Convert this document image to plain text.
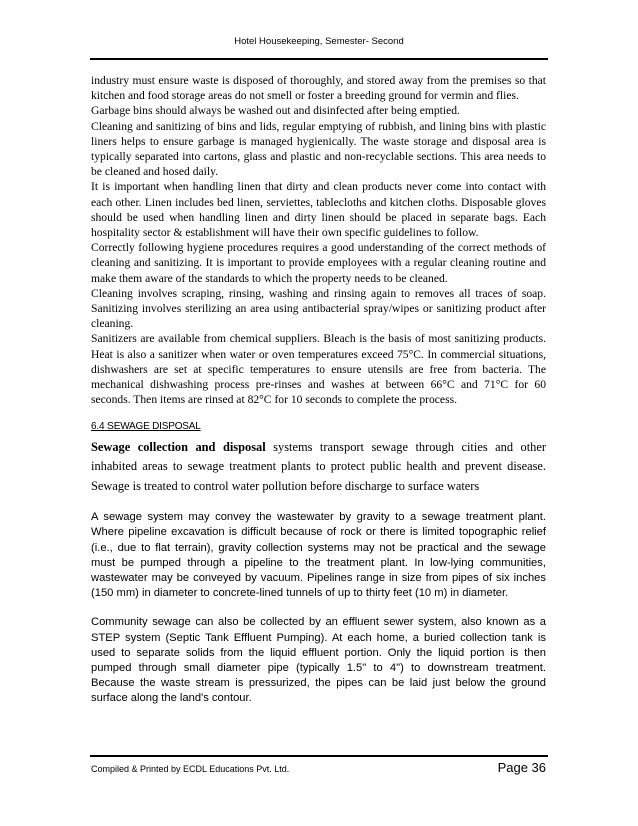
Hotel Housekeeping, Semester- Second

industry must ensure waste is disposed of thoroughly, and stored away from the premises so that kitchen and food storage areas do not smell or foster a breeding ground for vermin and flies.

Garbage bins should always be washed out and disinfected after being emptied.

Cleaning and sanitizing of bins and lids, regular emptying of rubbish, and lining bins with plastic liners helps to ensure garbage is managed hygienically. The waste storage and disposal area is typically separated into cartons, glass and plastic and non-recyclable sections. This area needs to be cleaned and hosed daily.

It is important when handling linen that dirty and clean products never come into contact with each other. Linen includes bed linen, serviettes, tablecloths and kitchen cloths. Disposable gloves should be used when handling linen and dirty linen should be placed in separate bags. Each hospitality sector & establishment will have their own specific guidelines to follow.

Correctly following hygiene procedures requires a good understanding of the correct methods of cleaning and sanitizing. It is important to provide employees with a regular cleaning routine and make them aware of the standards to which the property needs to be cleaned.

Cleaning involves scraping, rinsing, washing and rinsing again to removes all traces of soap. Sanitizing involves sterilizing an area using antibacterial spray/wipes or sanitizing product after cleaning.

Sanitizers are available from chemical suppliers. Bleach is the basis of most sanitizing products. Heat is also a sanitizer when water or oven temperatures exceed 75°C. In commercial situations, dishwashers are set at specific temperatures to ensure utensils are free from bacteria. The mechanical dishwashing process pre-rinses and washes at between 66°C and 71°C for 60 seconds. Then items are rinsed at 82°C for 10 seconds to complete the process.

6.4 SEWAGE DISPOSAL

Sewage collection and disposal systems transport sewage through cities and other inhabited areas to sewage treatment plants to protect public health and prevent disease. Sewage is treated to control water pollution before discharge to surface waters

A sewage system may convey the wastewater by gravity to a sewage treatment plant. Where pipeline excavation is difficult because of rock or there is limited topographic relief (i.e., due to flat terrain), gravity collection systems may not be practical and the sewage must be pumped through a pipeline to the treatment plant. In low-lying communities, wastewater may be conveyed by vacuum. Pipelines range in size from pipes of six inches (150 mm) in diameter to concrete-lined tunnels of up to thirty feet (10 m) in diameter.

Community sewage can also be collected by an effluent sewer system, also known as a STEP system (Septic Tank Effluent Pumping). At each home, a buried collection tank is used to separate solids from the liquid effluent portion. Only the liquid portion is then pumped through small diameter pipe (typically 1.5" to 4") to downstream treatment. Because the waste stream is pressurized, the pipes can be laid just below the ground surface along the land's contour.

Compiled & Printed by ECDL Educations Pvt. Ltd.	Page 36
